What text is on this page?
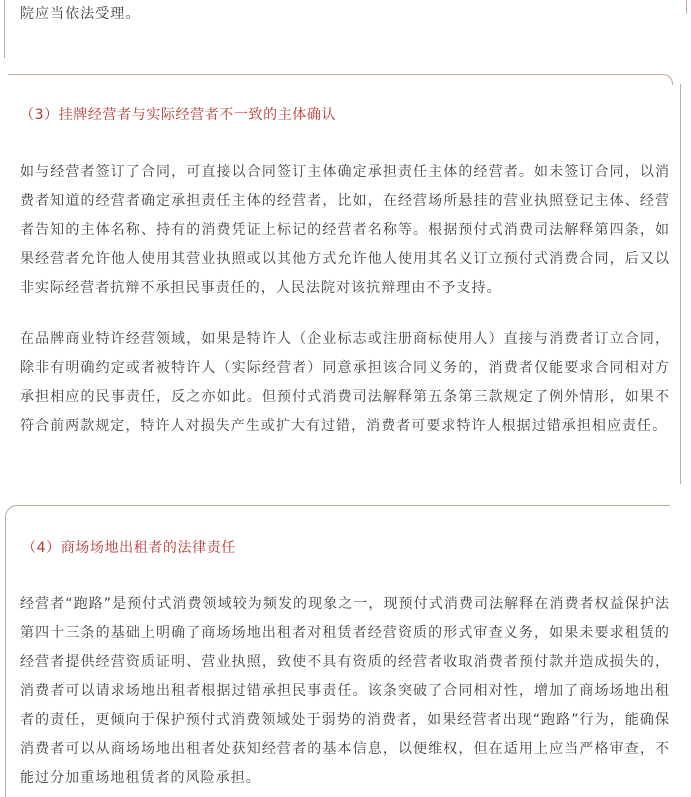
院应当依法受理。

（3）挂牌经营者与实际经营者不一致的主体确认

如与经营者签订了合同，可直接以合同签订主体确定承担责任主体的经营者。如未签订合同，以消费者知道的经营者确定承担责任主体的经营者，比如，在经营场所悬挂的营业执照登记主体、经营者告知的主体名称、持有的消费凭证上标记的经营者名称等。根据预付式消费司法解释第四条，如果经营者允许他人使用其营业执照或以其他方式允许他人使用其名义订立预付式消费合同，后又以非实际经营者抗辩不承担民事责任的，人民法院对该抗辩理由不予支持。

在品牌商业特许经营领域，如果是特许人（企业标志或注册商标使用人）直接与消费者订立合同，除非有明确约定或者被特许人（实际经营者）同意承担该合同义务的，消费者仅能要求合同相对方承担相应的民事责任，反之亦如此。但预付式消费司法解释第五条第三款规定了例外情形，如果不符合前两款规定，特许人对损失产生或扩大有过错，消费者可要求特许人根据过错承担相应责任。

（4）商场场地出租者的法律责任

经营者“跑路”是预付式消费领域较为频发的现象之一，现预付式消费司法解释在消费者权益保护法第四十三条的基础上明确了商场场地出租者对租赁者经营资质的形式审查义务，如果未要求租赁的经营者提供经营资质证明、营业执照，致使不具有资质的经营者收取消费者预付款并造成损失的，消费者可以请求场地出租者根据过错承担民事责任。该条突破了合同相对性，增加了商场场地出租者的责任，更倾向于保护预付式消费领域处于弱势的消费者，如果经营者出现“跑路”行为，能确保消费者可以从商场场地出租者处获知经营者的基本信息，以便维权，但在适用上应当严格审查，不能过分加重场地租赁者的风险承担。
